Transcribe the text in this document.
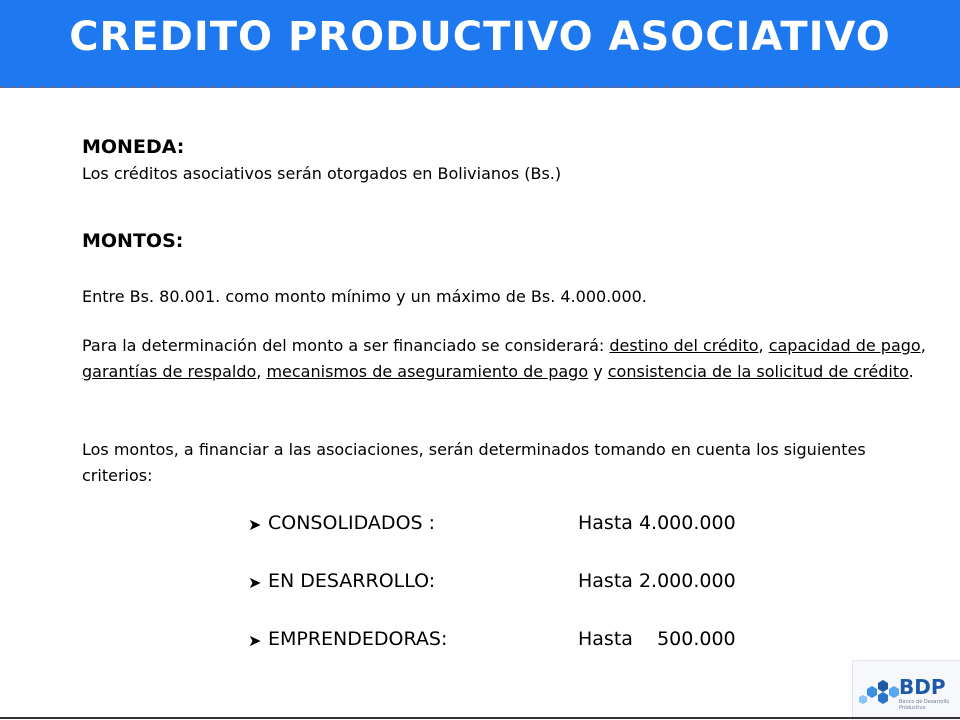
CREDITO PRODUCTIVO ASOCIATIVO
MONEDA:
Los créditos asociativos serán otorgados en Bolivianos (Bs.)
MONTOS:
Entre Bs. 80.001. como monto mínimo y un máximo de Bs. 4.000.000.
Para la determinación del monto a ser financiado se considerará: destino del crédito, capacidad de pago, garantías de respaldo, mecanismos de aseguramiento de pago y consistencia de la solicitud de crédito.
Los montos, a financiar a las asociaciones, serán determinados tomando en cuenta los siguientes criterios:
➤ CONSOLIDADOS :	Hasta 4.000.000
➤ EN DESARROLLO:	Hasta 2.000.000
➤ EMPRENDEDORAS:	Hasta    500.000
BDP
Banco de Desarrollo Productivo
